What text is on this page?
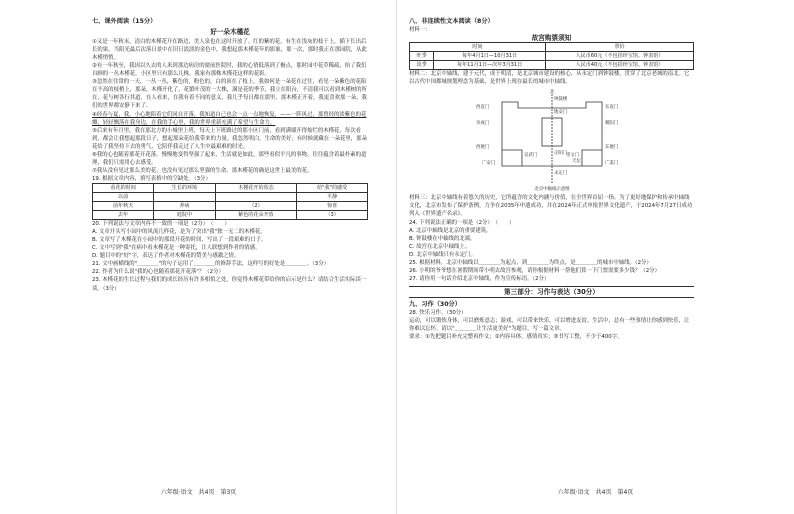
七、课外阅读（15分）

好一朵木槿花

①又是一年秋末，清白的木槿花开在路边，美人泉也在这时开放了。红的紫的花，有生在浅灰的枝干上，插下长出后长的果，当阳光最后次落日景中在旧日淡淡的金色中，我想起那木槿花年的影象，那一次，那时我正在那园院，从此木槿悄悄。

②有一年秋至，我因以久去的人米到那边病房的窗前医院时，我的心情低落到了极点，那时园中花草稀疏，抬了我们自顾的一丛木槿花，小区里只有那么几株。我家有那株木槿花这样的花影。

③忽然在往常的一天，一丛一丛，紫色的，粉色的，白的顶在了枝上。我如何是一朵花在过往，看见一朵紫色的花陷在不高的枝梢上，那朵，木槿开化了，花繁叶茂的一大株，满是花的季节，我立在阳台，不清我可以看到木槿树的所在，花与树各行其道，在人看来，在我有着不同的意义，我几乎每日都在那里，那木槿正开着，我更喜欢那一朵，我们的世界都安静下来了。

④经春与夏，我，小心地陪着它们同自开落，我知道自己也会一点一点地恢复，——一阵风过，那曾经的淡紫色的花瓣，轻轻飘落在我身边，在我的手心里，我的世界重新充满了希望与生命力。

⑤后来有年月里，我在那北方的小城里上班，每天上下班路过的那小区门前，看到满墙开得灿烂的木槿花，每次看到，都会让我想起那段日子，想起那朵花给我带来的力量。我忽然明白，生命的美好，有时候就藏在一朵花里，那朵花给了我坚持下去的勇气，它陪伴我走过了人生中最艰难的时光。

⑥我的心也随着那花开花落，慢慢地变得坚强了起来，生活就是如此，那些看似平凡的事物，往往蕴含着最朴素的道理，我们只需用心去感受。

⑦我从没有见过那么美的花，也没有见过那么坚强的生命。那木槿花的确是这世上最美的花。

19. 根据文章内容，填写表格中的空缺处。（3分）

看花的时间	生长的环境	木槿花开的状态	给"我"的感受
以前			平静
前年秋天	养病	（2）	惊喜
去年	庭院中	紫色的花朵开放	（3）

20. 下列说法与文章内容不一致的一项是（2分）　 （　　）

A. 文章开头写小园中的风流几样花，是为了突出"我"独一无二的木槿花。

B. 文章写了木槿花在小园中的那段开花的时间，写出了一段艰难的日子。

C. 文中写到"我"在病中看木槿花是一种寄托，让人联想到作者的情感。

D. 题目中的"好"字，表达了作者对木槿花的赞美与感激之情。

21. 文中画横线的"＿＿＿＿"的句子运用了＿＿＿＿的修辞手法，这样写的好处是＿＿＿＿。（3分）

22. 作者为什么说"我的心也随着那花开花落"？（2分）

23. 木槿花的生长过程与我们的成长经历有许多相似之处，你觉得木槿花带给你的启示是什么？请结合生活实际谈一谈。（3分）

六年级·语文　共4页　第3页

八、非连续性文本阅读（8分）

材料一：

故宫购票须知

时间		票价
旺季	每年4月1日—10月31日	人民币60元（不包括珍宝馆、钟表馆）
淡季	每年11月1日—次年3月31日	人民币40元（不包括珍宝馆、钟表馆）

材料二：北京中轴线，建于元代，成于明清，是北京城市建设的核心，从永定门到钟鼓楼，贯穿了北京老城的南北。它以古代中国都城规划理念为基础，是世界上现存最长的城市中轴线。

北
钟鼓楼
地安门
西直门	东直门
阜成门	朝阳门
西便门	东便门
宣武门	崇文门
正阳门
广安门	广渠门
永定门
天坛
北京中轴线示意图

材料三：北京中轴线有着悠久的历史，它所蕴含的文化内涵与价值，在全世界首屈一指。为了更好地保护和传承中轴线文化，北京市发布了保护条例，力争在2035年申遗成功，并在2024年正式申报世界文化遗产，于2024年7月27日成功列入《世界遗产名录》。

24. 下列说法正确的一项是（2分）　 （　　）

A. 北京中轴线是北京的重要建筑。

B. 钟鼓楼在中轴线的北端。

C. 故宫在北京中轴线上。

D. 北京中轴线只有永定门。

25. 根据材料，北京中轴线以＿＿＿＿为起点，到＿＿＿＿为终点，是＿＿＿＿的城市中轴线。（2分）

26. 小明的爷爷想在暑假期间带小明去故宫参观，请你根据材料一帮他们算一下门票需要多少钱？（2分）

27. 请你用一句话介绍北京中轴线，作为宣传标语。（2分）

第三部分：习作与表达（30分）

九、习作（30分）

28. 快乐习作。（30分）

运动，可以锻炼身体，可以磨炼意志；游戏，可以带来快乐，可以增进友谊。生活中，总有一些事情让你感到快乐，让你难以忘怀。请以"＿＿＿＿让生活更美好"为题目，写一篇文章。

要求：①先把题目补充完整再作文；②内容具体，感情真实；③书写工整，不少于400字。

六年级·语文　共4页　第4页
